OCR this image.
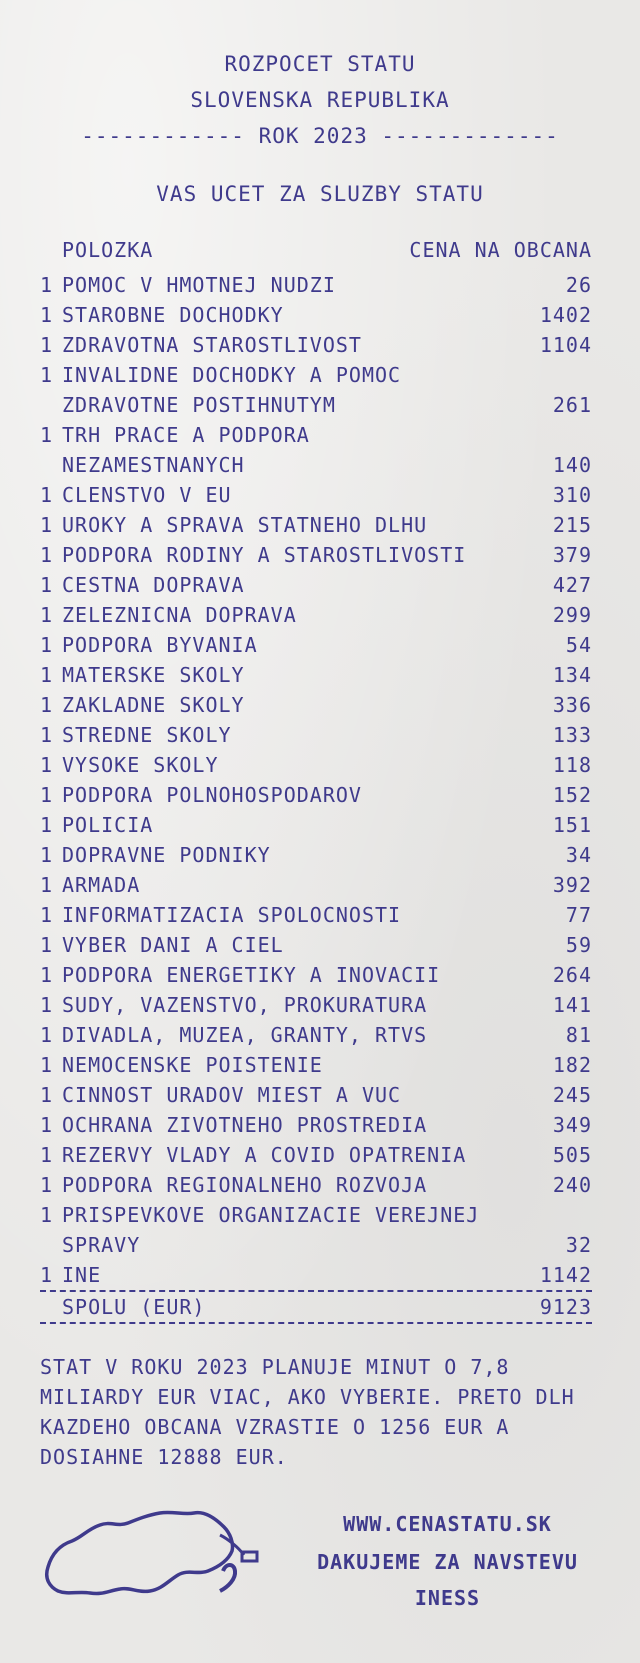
ROZPOCET STATU
SLOVENSKA REPUBLIKA
------------ ROK 2023 -------------
VAS UCET ZA SLUZBY STATU
POLOZKA	CENA NA OBCANA
1 POMOC V HMOTNEJ NUDZI	26
1 STAROBNE DOCHODKY	1402
1 ZDRAVOTNA STAROSTLIVOST	1104
1 INVALIDNE DOCHODKY A POMOC
ZDRAVOTNE POSTIHNUTYM	261
1 TRH PRACE A PODPORA
NEZAMESTNANYCH	140
1 CLENSTVO V EU	310
1 UROKY A SPRAVA STATNEHO DLHU	215
1 PODPORA RODINY A STAROSTLIVOSTI	379
1 CESTNA DOPRAVA	427
1 ZELEZNICNA DOPRAVA	299
1 PODPORA BYVANIA	54
1 MATERSKE SKOLY	134
1 ZAKLADNE SKOLY	336
1 STREDNE SKOLY	133
1 VYSOKE SKOLY	118
1 PODPORA POLNOHOSPODAROV	152
1 POLICIA	151
1 DOPRAVNE PODNIKY	34
1 ARMADA	392
1 INFORMATIZACIA SPOLOCNOSTI	77
1 VYBER DANI A CIEL	59
1 PODPORA ENERGETIKY A INOVACII	264
1 SUDY, VAZENSTVO, PROKURATURA	141
1 DIVADLA, MUZEA, GRANTY, RTVS	81
1 NEMOCENSKE POISTENIE	182
1 CINNOST URADOV MIEST A VUC	245
1 OCHRANA ZIVOTNEHO PROSTREDIA	349
1 REZERVY VLADY A COVID OPATRENIA	505
1 PODPORA REGIONALNEHO ROZVOJA	240
1 PRISPEVKOVE ORGANIZACIE VEREJNEJ
SPRAVY	32
1 INE	1142
SPOLU (EUR)	9123
STAT V ROKU 2023 PLANUJE MINUT O 7,8 MILIARDY EUR VIAC, AKO VYBERIE. PRETO DLH KAZDEHO OBCANA VZRASTIE O 1256 EUR A DOSIAHNE 12888 EUR.
WWW.CENASTATU.SK
DAKUJEME ZA NAVSTEVU
INESS
